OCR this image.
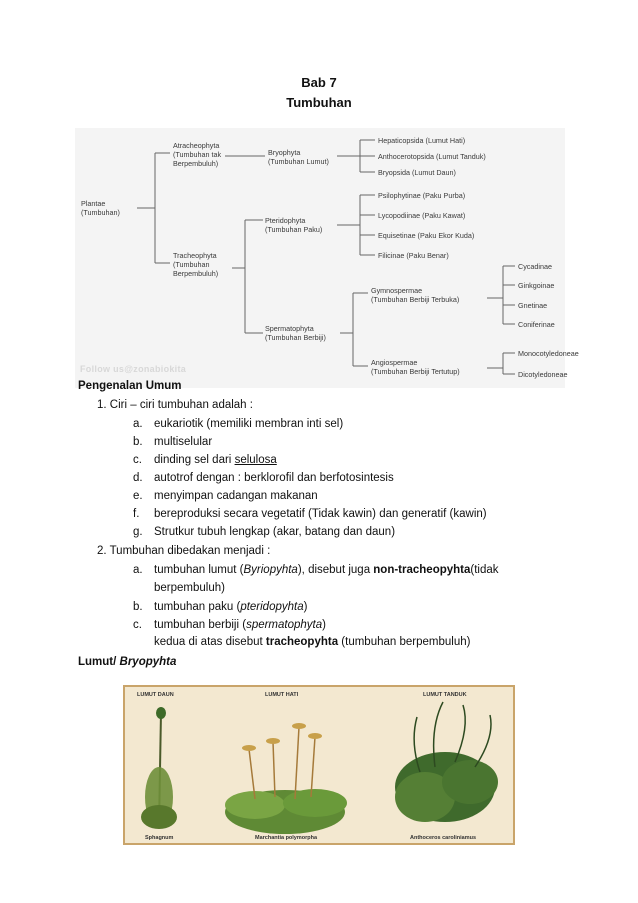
Bab 7
Tumbuhan
Plantae
(Tumbuhan)
Atracheophyta
(Tumbuhan tak
Berpembuluh)
Tracheophyta
(Tumbuhan
Berpembuluh)
Bryophyta
(Tumbuhan Lumut)
Pteridophyta
(Tumbuhan Paku)
Spermatophyta
(Tumbuhan Berbiji)
Hepaticopsida (Lumut Hati)
Anthocerotopsida (Lumut Tanduk)
Bryopsida (Lumut Daun)
Psilophytinae (Paku Purba)
Lycopodiinae (Paku Kawat)
Equisetinae (Paku Ekor Kuda)
Filicinae (Paku Benar)
Gymnospermae
(Tumbuhan Berbiji Terbuka)
Angiospermae
(Tumbuhan Berbiji Tertutup)
Cycadinae
Ginkgoinae
Gnetinae
Coniferinae
Monocotyledoneae
Dicotyledoneae
Follow us@zonabiokita
Pengenalan Umum
1. Ciri – ciri tumbuhan adalah :
a. eukariotik (memiliki membran inti sel)
b. multiselular
c. dinding sel dari selulosa
d. autotrof dengan : berklorofil dan berfotosintesis
e. menyimpan cadangan makanan
f. bereproduksi secara vegetatif (Tidak kawin) dan generatif (kawin)
g. Strutkur tubuh lengkap (akar, batang dan daun)
2. Tumbuhan dibedakan menjadi :
a. tumbuhan lumut (Byriopyhta), disebut juga non-tracheopyhta(tidak
berpembuluh)
b. tumbuhan paku (pteridopyhta)
c. tumbuhan berbiji (spermatophyta)
kedua di atas disebut tracheopyhta (tumbuhan berpembuluh)
Lumut/ Bryopyhta
LUMUT DAUN	LUMUT HATI	LUMUT TANDUK
Sphagnum	Marchantia polymorpha	Anthoceros caroliniamus
